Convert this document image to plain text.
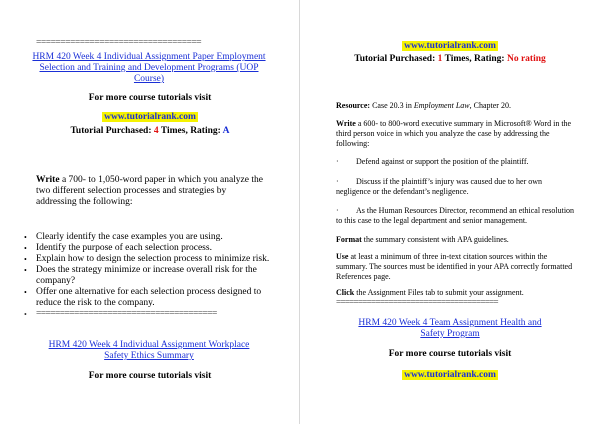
==================================
HRM 420 Week 4 Individual Assignment Paper Employment Selection and Training and Development Programs (UOP Course)
For more course tutorials visit
www.tutorialrank.com
Tutorial Purchased: 4 Times, Rating: A
Write a 700- to 1,050-word paper in which you analyze the two different selection processes and strategies by addressing the following:
• Clearly identify the case examples you are using.
• Identify the purpose of each selection process.
• Explain how to design the selection process to minimize risk.
• Does the strategy minimize or increase overall risk for the company?
• Offer one alternative for each selection process designed to reduce the risk to the company.
• ======================================
HRM 420 Week 4 Individual Assignment Workplace Safety Ethics Summary
For more course tutorials visit
www.tutorialrank.com
Tutorial Purchased: 1 Times, Rating: No rating
Resource: Case 20.3 in Employment Law, Chapter 20.
Write a 600- to 800-word executive summary in Microsoft® Word in the third person voice in which you analyze the case by addressing the following:
· Defend against or support the position of the plaintiff.
· Discuss if the plaintiff’s injury was caused due to her own negligence or the defendant’s negligence.
· As the Human Resources Director, recommend an ethical resolution to this case to the legal department and senior management.
Format the summary consistent with APA guidelines.
Use at least a minimum of three in-text citation sources within the summary. The sources must be identified in your APA correctly formatted References page.
Click the Assignment Files tab to submit your assignment.
=====================================
HRM 420 Week 4 Team Assignment Health and Safety Program
For more course tutorials visit
www.tutorialrank.com
